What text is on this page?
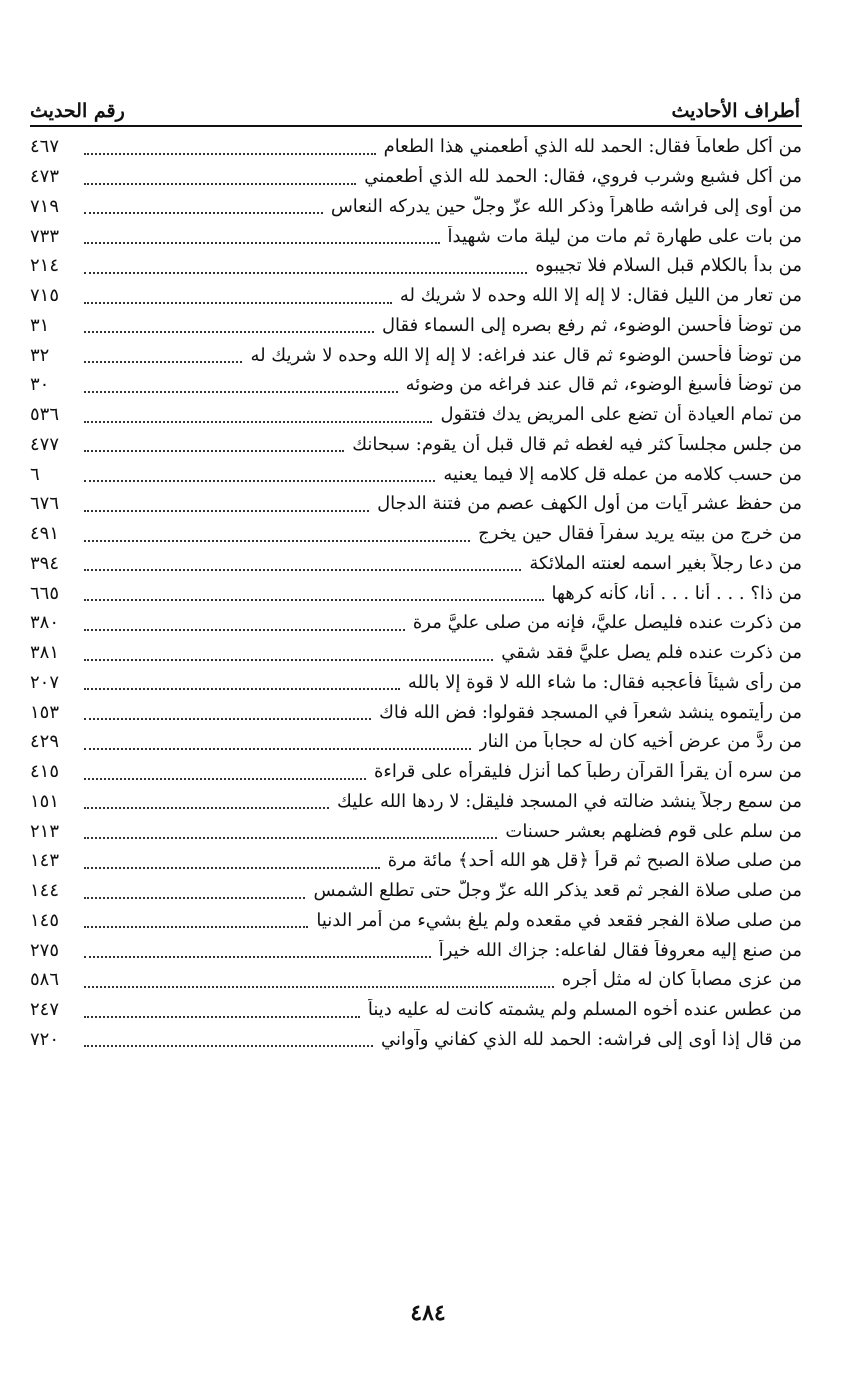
أطراف الأحاديث
رقم الحديث
من أكل طعاماً فقال: الحمد لله الذي أطعمني هذا الطعام
٤٦٧
من أكل فشبع وشرب فروي، فقال: الحمد لله الذي أطعمني
٤٧٣
من أوى إلى فراشه طاهراً وذكر الله عزّ وجلّ حين يدركه النعاس
٧١٩
من بات على طهارة ثم مات من ليلة مات شهيداً
٧٣٣
من بدأ بالكلام قبل السلام فلا تجيبوه
٢١٤
من تعار من الليل فقال: لا إله إلا الله وحده لا شريك له
٧١٥
من توضأ فأحسن الوضوء، ثم رفع بصره إلى السماء فقال
٣١
من توضأ فأحسن الوضوء ثم قال عند فراغه: لا إله إلا الله وحده لا شريك له
٣٢
من توضأ فأسبغ الوضوء، ثم قال عند فراغه من وضوئه
٣٠
من تمام العيادة أن تضع على المريض يدك فتقول
٥٣٦
من جلس مجلساً كثر فيه لغطه ثم قال قبل أن يقوم: سبحانك
٤٧٧
من حسب كلامه من عمله قل كلامه إلا فيما يعنيه
٦
من حفظ عشر آيات من أول الكهف عصم من فتنة الدجال
٦٧٦
من خرج من بيته يريد سفراً فقال حين يخرج
٤٩١
من دعا رجلاً بغير اسمه لعنته الملائكة
٣٩٤
من ذا؟ . . . أنا . . . أنا، كأنه كرهها
٦٦٥
من ذكرت عنده فليصل عليَّ، فإنه من صلى عليَّ مرة
٣٨٠
من ذكرت عنده فلم يصل عليَّ فقد شقي
٣٨١
من رأى شيئاً فأعجبه فقال: ما شاء الله لا قوة إلا بالله
٢٠٧
من رأيتموه ينشد شعراً في المسجد فقولوا: فض الله فاك
١٥٣
من ردَّ من عرض أخيه كان له حجاباً من النار
٤٢٩
من سره أن يقرأ القرآن رطباً كما أنزل فليقرأه على قراءة
٤١٥
من سمع رجلاً ينشد ضالته في المسجد فليقل: لا ردها الله عليك
١٥١
من سلم على قوم فضلهم بعشر حسنات
٢١٣
من صلى صلاة الصبح ثم قرأ ﴿قل هو الله أحد﴾ مائة مرة
١٤٣
من صلى صلاة الفجر ثم قعد يذكر الله عزّ وجلّ حتى تطلع الشمس
١٤٤
من صلى صلاة الفجر فقعد في مقعده ولم يلغ بشيء من أمر الدنيا
١٤٥
من صنع إليه معروفاً فقال لفاعله: جزاك الله خيراً
٢٧٥
من عزى مصاباً كان له مثل أجره
٥٨٦
من عطس عنده أخوه المسلم ولم يشمته كانت له عليه ديناً
٢٤٧
من قال إذا أوى إلى فراشه: الحمد لله الذي كفاني وآواني
٧٢٠
٤٨٤
